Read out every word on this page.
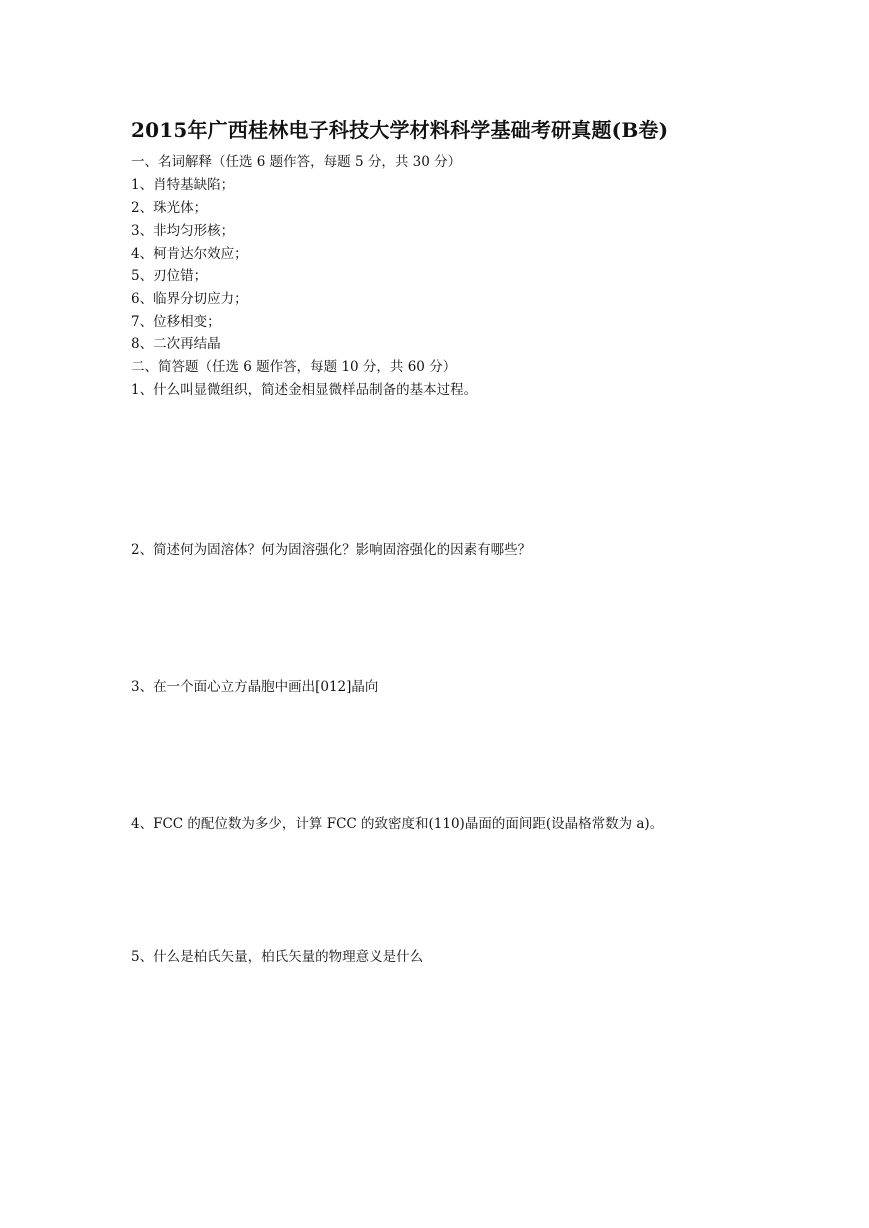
2015年广西桂林电子科技大学材料科学基础考研真题(B卷)
一、名词解释（任选 6 题作答，每题 5 分，共 30 分）
1、肖特基缺陷；
2、珠光体；
3、非均匀形核；
4、柯肯达尔效应；
5、刃位错；
6、临界分切应力；
7、位移相变；
8、二次再结晶
二、简答题（任选 6 题作答，每题 10 分，共 60 分）
1、什么叫显微组织，简述金相显微样品制备的基本过程。
2、简述何为固溶体？何为固溶强化？影响固溶强化的因素有哪些？
3、在一个面心立方晶胞中画出[012]晶向
4、FCC 的配位数为多少，计算 FCC 的致密度和(110)晶面的面间距(设晶格常数为 a)。
5、什么是柏氏矢量，柏氏矢量的物理意义是什么
